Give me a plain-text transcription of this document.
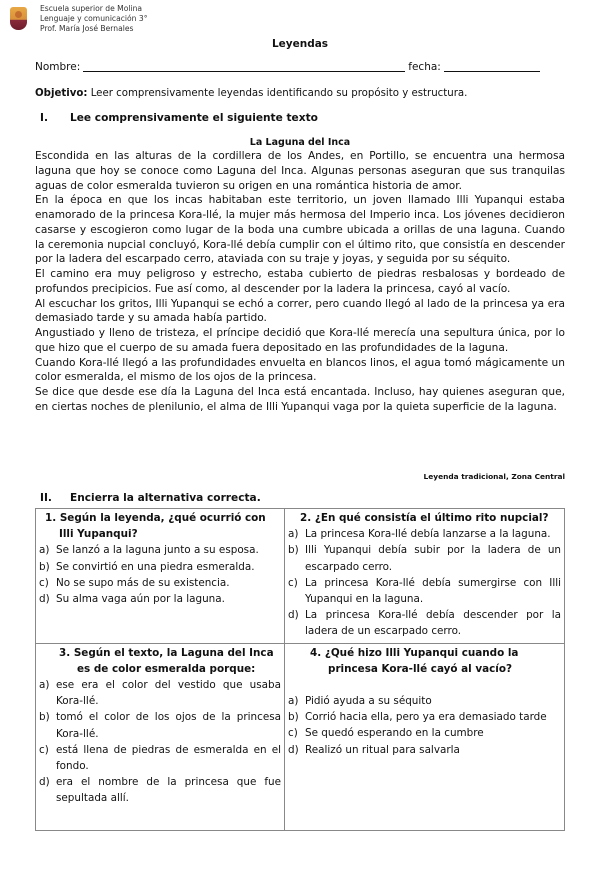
Escuela superior de Molina
Lenguaje y comunicación 3°
Prof. María José Bernales
Leyendas
Nombre:	fecha:
Objetivo: Leer comprensivamente leyendas identificando su propósito y estructura.
I. Lee comprensivamente el siguiente texto
La Laguna del Inca

Escondida en las alturas de la cordillera de los Andes, en Portillo, se encuentra una hermosa laguna que hoy se conoce como Laguna del Inca. Algunas personas aseguran que sus tranquilas aguas de color esmeralda tuvieron su origen en una romántica historia de amor.

En la época en que los incas habitaban este territorio, un joven llamado Illi Yupanqui estaba enamorado de la princesa Kora-llé, la mujer más hermosa del Imperio inca. Los jóvenes decidieron casarse y escogieron como lugar de la boda una cumbre ubicada a orillas de una laguna. Cuando la ceremonia nupcial concluyó, Kora-llé debía cumplir con el último rito, que consistía en descender por la ladera del escarpado cerro, ataviada con su traje y joyas, y seguida por su séquito.

El camino era muy peligroso y estrecho, estaba cubierto de piedras resbalosas y bordeado de profundos precipicios. Fue así como, al descender por la ladera la princesa, cayó al vacío.

Al escuchar los gritos, Illi Yupanqui se echó a correr, pero cuando llegó al lado de la princesa ya era demasiado tarde y su amada había partido.

Angustiado y lleno de tristeza, el príncipe decidió que Kora-llé merecía una sepultura única, por lo que hizo que el cuerpo de su amada fuera depositado en las profundidades de la laguna.

Cuando Kora-llé llegó a las profundidades envuelta en blancos linos, el agua tomó mágicamente un color esmeralda, el mismo de los ojos de la princesa.

Se dice que desde ese día la Laguna del Inca está encantada. Incluso, hay quienes aseguran que, en ciertas noches de plenilunio, el alma de Illi Yupanqui vaga por la quieta superficie de la laguna.

Leyenda tradicional, Zona Central
II. Encierra la alternativa correcta.
1. Según la leyenda, ¿qué ocurrió con Illi Yupanqui?
a) Se lanzó a la laguna junto a su esposa.
b) Se convirtió en una piedra esmeralda.
c) No se supo más de su existencia.
d) Su alma vaga aún por la laguna.

2. ¿En qué consistía el último rito nupcial?
a) La princesa Kora-llé debía lanzarse a la laguna.
b) Illi Yupanqui debía subir por la ladera de un escarpado cerro.
c) La princesa Kora-llé debía sumergirse con Illi Yupanqui en la laguna.
d) La princesa Kora-llé debía descender por la ladera de un escarpado cerro.

3. Según el texto, la Laguna del Inca es de color esmeralda porque:
a) ese era el color del vestido que usaba Kora-llé.
b) tomó el color de los ojos de la princesa Kora-llé.
c) está llena de piedras de esmeralda en el fondo.
d) era el nombre de la princesa que fue sepultada allí.

4. ¿Qué hizo Illi Yupanqui cuando la princesa Kora-llé cayó al vacío?
a) Pidió ayuda a su séquito
b) Corrió hacia ella, pero ya era demasiado tarde
c) Se quedó esperando en la cumbre
d) Realizó un ritual para salvarla
